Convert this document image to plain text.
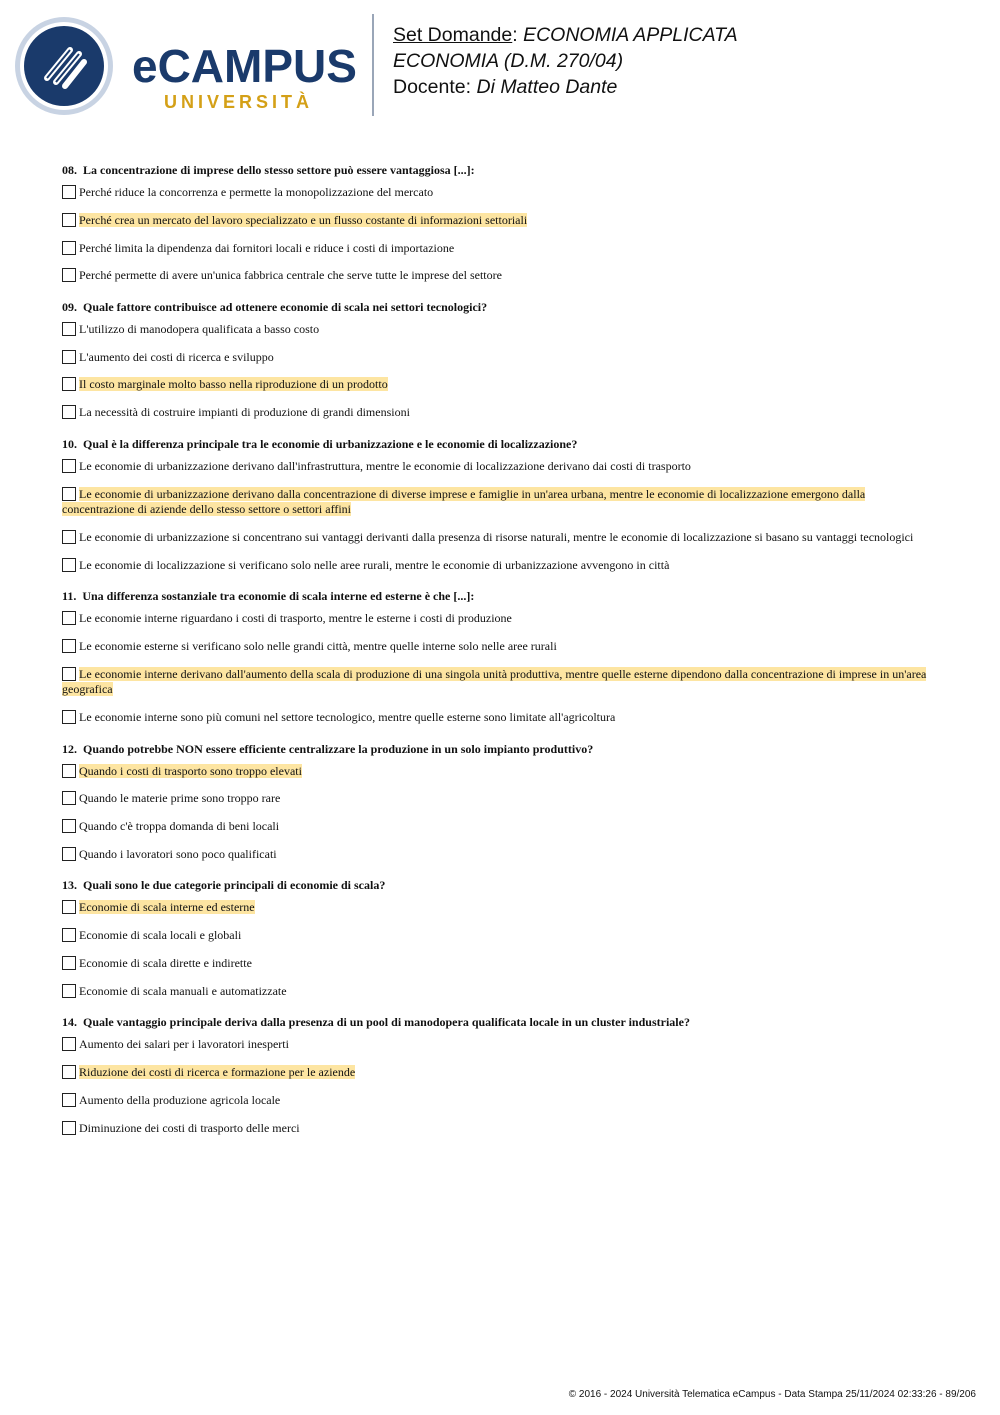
eCAMPUS
UNIVERSITÀ
Set Domande: ECONOMIA APPLICATA
ECONOMIA (D.M. 270/04)
Docente: Di Matteo Dante
08. La concentrazione di imprese dello stesso settore può essere vantaggiosa [...]:
Perché riduce la concorrenza e permette la monopolizzazione del mercato
Perché crea un mercato del lavoro specializzato e un flusso costante di informazioni settoriali
Perché limita la dipendenza dai fornitori locali e riduce i costi di importazione
Perché permette di avere un'unica fabbrica centrale che serve tutte le imprese del settore
09. Quale fattore contribuisce ad ottenere economie di scala nei settori tecnologici?
L'utilizzo di manodopera qualificata a basso costo
L'aumento dei costi di ricerca e sviluppo
Il costo marginale molto basso nella riproduzione di un prodotto
La necessità di costruire impianti di produzione di grandi dimensioni
10. Qual è la differenza principale tra le economie di urbanizzazione e le economie di localizzazione?
Le economie di urbanizzazione derivano dall'infrastruttura, mentre le economie di localizzazione derivano dai costi di trasporto
Le economie di urbanizzazione derivano dalla concentrazione di diverse imprese e famiglie in un'area urbana, mentre le economie di localizzazione emergono dalla concentrazione di aziende dello stesso settore o settori affini
Le economie di urbanizzazione si concentrano sui vantaggi derivanti dalla presenza di risorse naturali, mentre le economie di localizzazione si basano su vantaggi tecnologici
Le economie di localizzazione si verificano solo nelle aree rurali, mentre le economie di urbanizzazione avvengono in città
11. Una differenza sostanziale tra economie di scala interne ed esterne è che [...]:
Le economie interne riguardano i costi di trasporto, mentre le esterne i costi di produzione
Le economie esterne si verificano solo nelle grandi città, mentre quelle interne solo nelle aree rurali
Le economie interne derivano dall'aumento della scala di produzione di una singola unità produttiva, mentre quelle esterne dipendono dalla concentrazione di imprese in un'area geografica
Le economie interne sono più comuni nel settore tecnologico, mentre quelle esterne sono limitate all'agricoltura
12. Quando potrebbe NON essere efficiente centralizzare la produzione in un solo impianto produttivo?
Quando i costi di trasporto sono troppo elevati
Quando le materie prime sono troppo rare
Quando c'è troppa domanda di beni locali
Quando i lavoratori sono poco qualificati
13. Quali sono le due categorie principali di economie di scala?
Economie di scala interne ed esterne
Economie di scala locali e globali
Economie di scala dirette e indirette
Economie di scala manuali e automatizzate
14. Quale vantaggio principale deriva dalla presenza di un pool di manodopera qualificata locale in un cluster industriale?
Aumento dei salari per i lavoratori inesperti
Riduzione dei costi di ricerca e formazione per le aziende
Aumento della produzione agricola locale
Diminuzione dei costi di trasporto delle merci
© 2016 - 2024 Università Telematica eCampus - Data Stampa 25/11/2024 02:33:26 - 89/206
